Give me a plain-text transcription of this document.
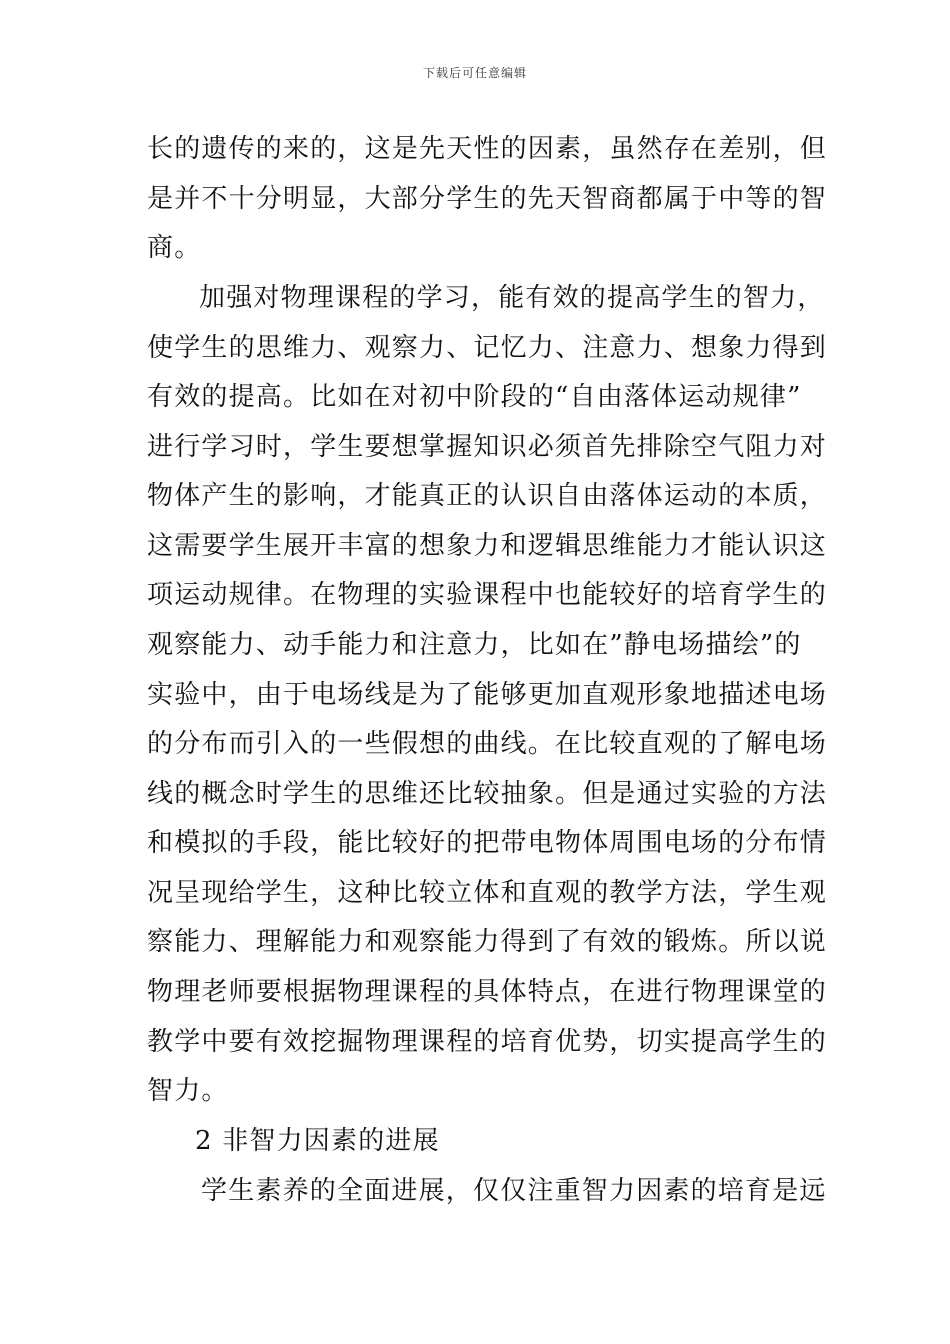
下载后可任意编辑
长的遗传的来的，这是先天性的因素，虽然存在差别，但
是并不十分明显，大部分学生的先天智商都属于中等的智
商。
加强对物理课程的学习，能有效的提高学生的智力，
使学生的思维力、观察力、记忆力、注意力、想象力得到
有效的提高。比如在对初中阶段的“自由落体运动规律”
进行学习时，学生要想掌握知识必须首先排除空气阻力对
物体产生的影响，才能真正的认识自由落体运动的本质，
这需要学生展开丰富的想象力和逻辑思维能力才能认识这
项运动规律。在物理的实验课程中也能较好的培育学生的
观察能力、动手能力和注意力，比如在”静电场描绘”的
实验中，由于电场线是为了能够更加直观形象地描述电场
的分布而引入的一些假想的曲线。在比较直观的了解电场
线的概念时学生的思维还比较抽象。但是通过实验的方法
和模拟的手段，能比较好的把带电物体周围电场的分布情
况呈现给学生，这种比较立体和直观的教学方法，学生观
察能力、理解能力和观察能力得到了有效的锻炼。所以说
物理老师要根据物理课程的具体特点，在进行物理课堂的
教学中要有效挖掘物理课程的培育优势，切实提高学生的
智力。
2 非智力因素的进展
学生素养的全面进展，仅仅注重智力因素的培育是远
